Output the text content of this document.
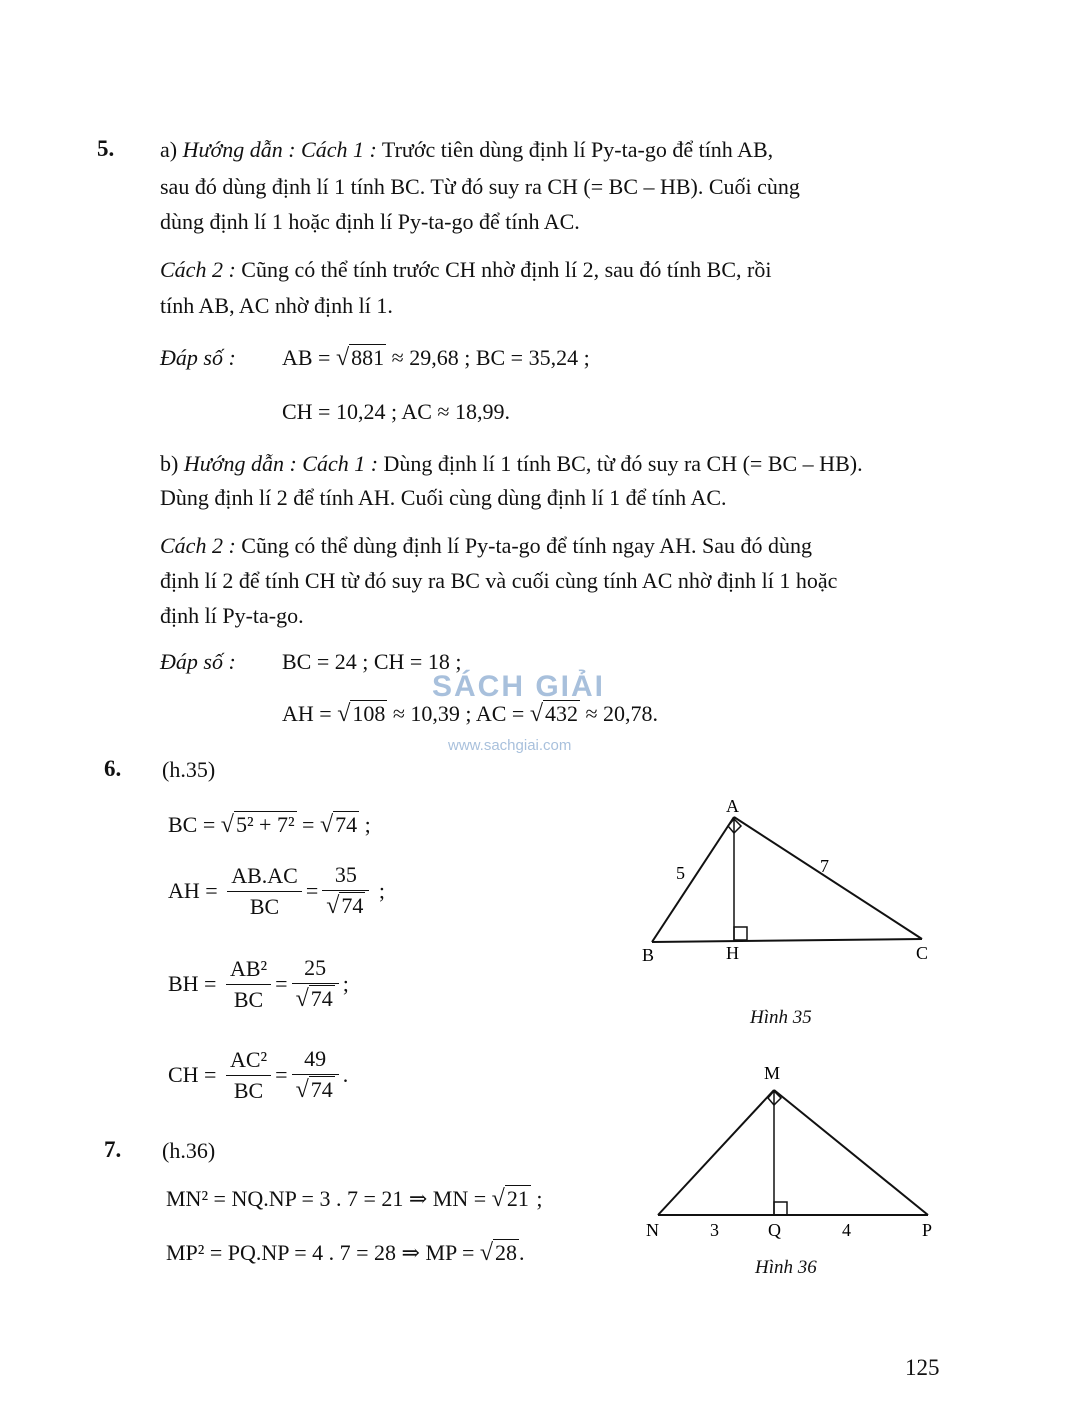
5. a) Hướng dẫn : Cách 1 : Trước tiên dùng định lí Py-ta-go để tính AB,
sau đó dùng định lí 1 tính BC. Từ đó suy ra CH (= BC – HB). Cuối cùng
dùng định lí 1 hoặc định lí Py-ta-go để tính AC.
Cách 2 : Cũng có thể tính trước CH nhờ định lí 2, sau đó tính BC, rồi
tính AB, AC nhờ định lí 1.
Đáp số : AB = √881 ≈ 29,68 ; BC = 35,24 ;
CH = 10,24 ; AC ≈ 18,99.
b) Hướng dẫn : Cách 1 : Dùng định lí 1 tính BC, từ đó suy ra CH (= BC – HB).
Dùng định lí 2 để tính AH. Cuối cùng dùng định lí 1 để tính AC.
Cách 2 : Cũng có thể dùng định lí Py-ta-go để tính ngay AH. Sau đó dùng
định lí 2 để tính CH từ đó suy ra BC và cuối cùng tính AC nhờ định lí 1 hoặc
định lí Py-ta-go.
Đáp số : BC = 24 ; CH = 18 ;
AH = √108 ≈ 10,39 ; AC = √432 ≈ 20,78.
SÁCH GIẢI
www.sachgiai.com
6. (h.35)
BC = √5² + 7² = √74 ;
AH = $\frac{AB.AC}{BC} = \frac{35}{√74}$ ;
BH = $\frac{\text{AB²}}{BC} = \frac{25}{√74}$ ;
CH = $\frac{\text{AC²}}{BC} = \frac{49}{√74}$ .
A
B	C
H
5	7
Hình 35
7. (h.36)
MN² = NQ.NP = 3 . 7 = 21 ⇒ MN = √21 ;
MP² = PQ.NP = 4 . 7 = 28 ⇒ MP = √28.
M
N	P
Q
3	4
Hình 36
125
